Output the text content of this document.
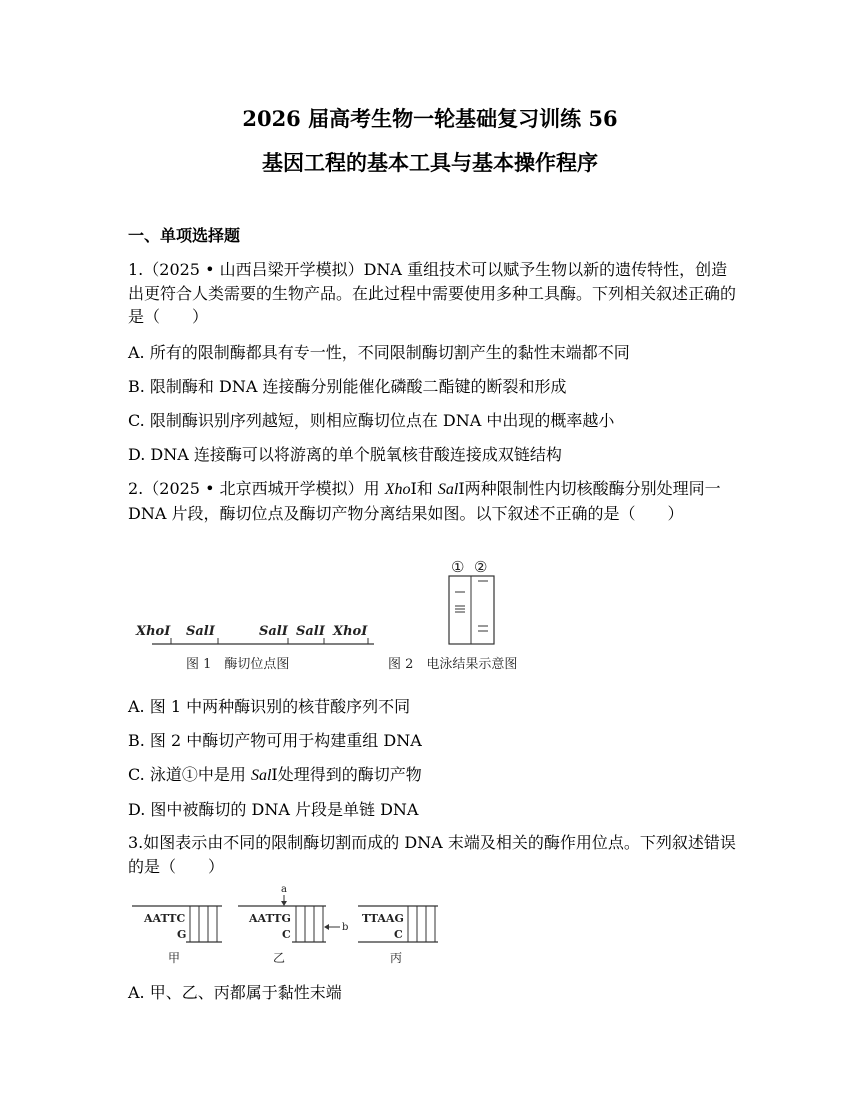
2026 届高考生物一轮基础复习训练 56
基因工程的基本工具与基本操作程序
一、单项选择题
1.（2025 • 山西吕梁开学模拟）DNA 重组技术可以赋予生物以新的遗传特性，创造出更符合人类需要的生物产品。在此过程中需要使用多种工具酶。下列相关叙述正确的是（　　）
A. 所有的限制酶都具有专一性，不同限制酶切割产生的黏性末端都不同
B. 限制酶和 DNA 连接酶分别能催化磷酸二酯键的断裂和形成
C. 限制酶识别序列越短，则相应酶切位点在 DNA 中出现的概率越小
D. DNA 连接酶可以将游离的单个脱氧核苷酸连接成双链结构
2.（2025 • 北京西城开学模拟）用 XhoⅠ和 SalⅠ两种限制性内切核酸酶分别处理同一 DNA 片段，酶切位点及酶切产物分离结果如图。以下叙述不正确的是（　　）
XhoⅠ SalⅠ	SalⅠ SalⅠ XhoⅠ
图 1　酶切位点图
① ②
图 2　电泳结果示意图
A. 图 1 中两种酶识别的核苷酸序列不同
B. 图 2 中酶切产物可用于构建重组 DNA
C. 泳道①中是用 SalⅠ处理得到的酶切产物
D. 图中被酶切的 DNA 片段是单链 DNA
3.如图表示由不同的限制酶切割而成的 DNA 末端及相关的酶作用位点。下列叙述错误的是（　　）
AATTC
G
甲
a
AATTG
C
b
乙
TTAAG
C
丙
A. 甲、乙、丙都属于黏性末端
